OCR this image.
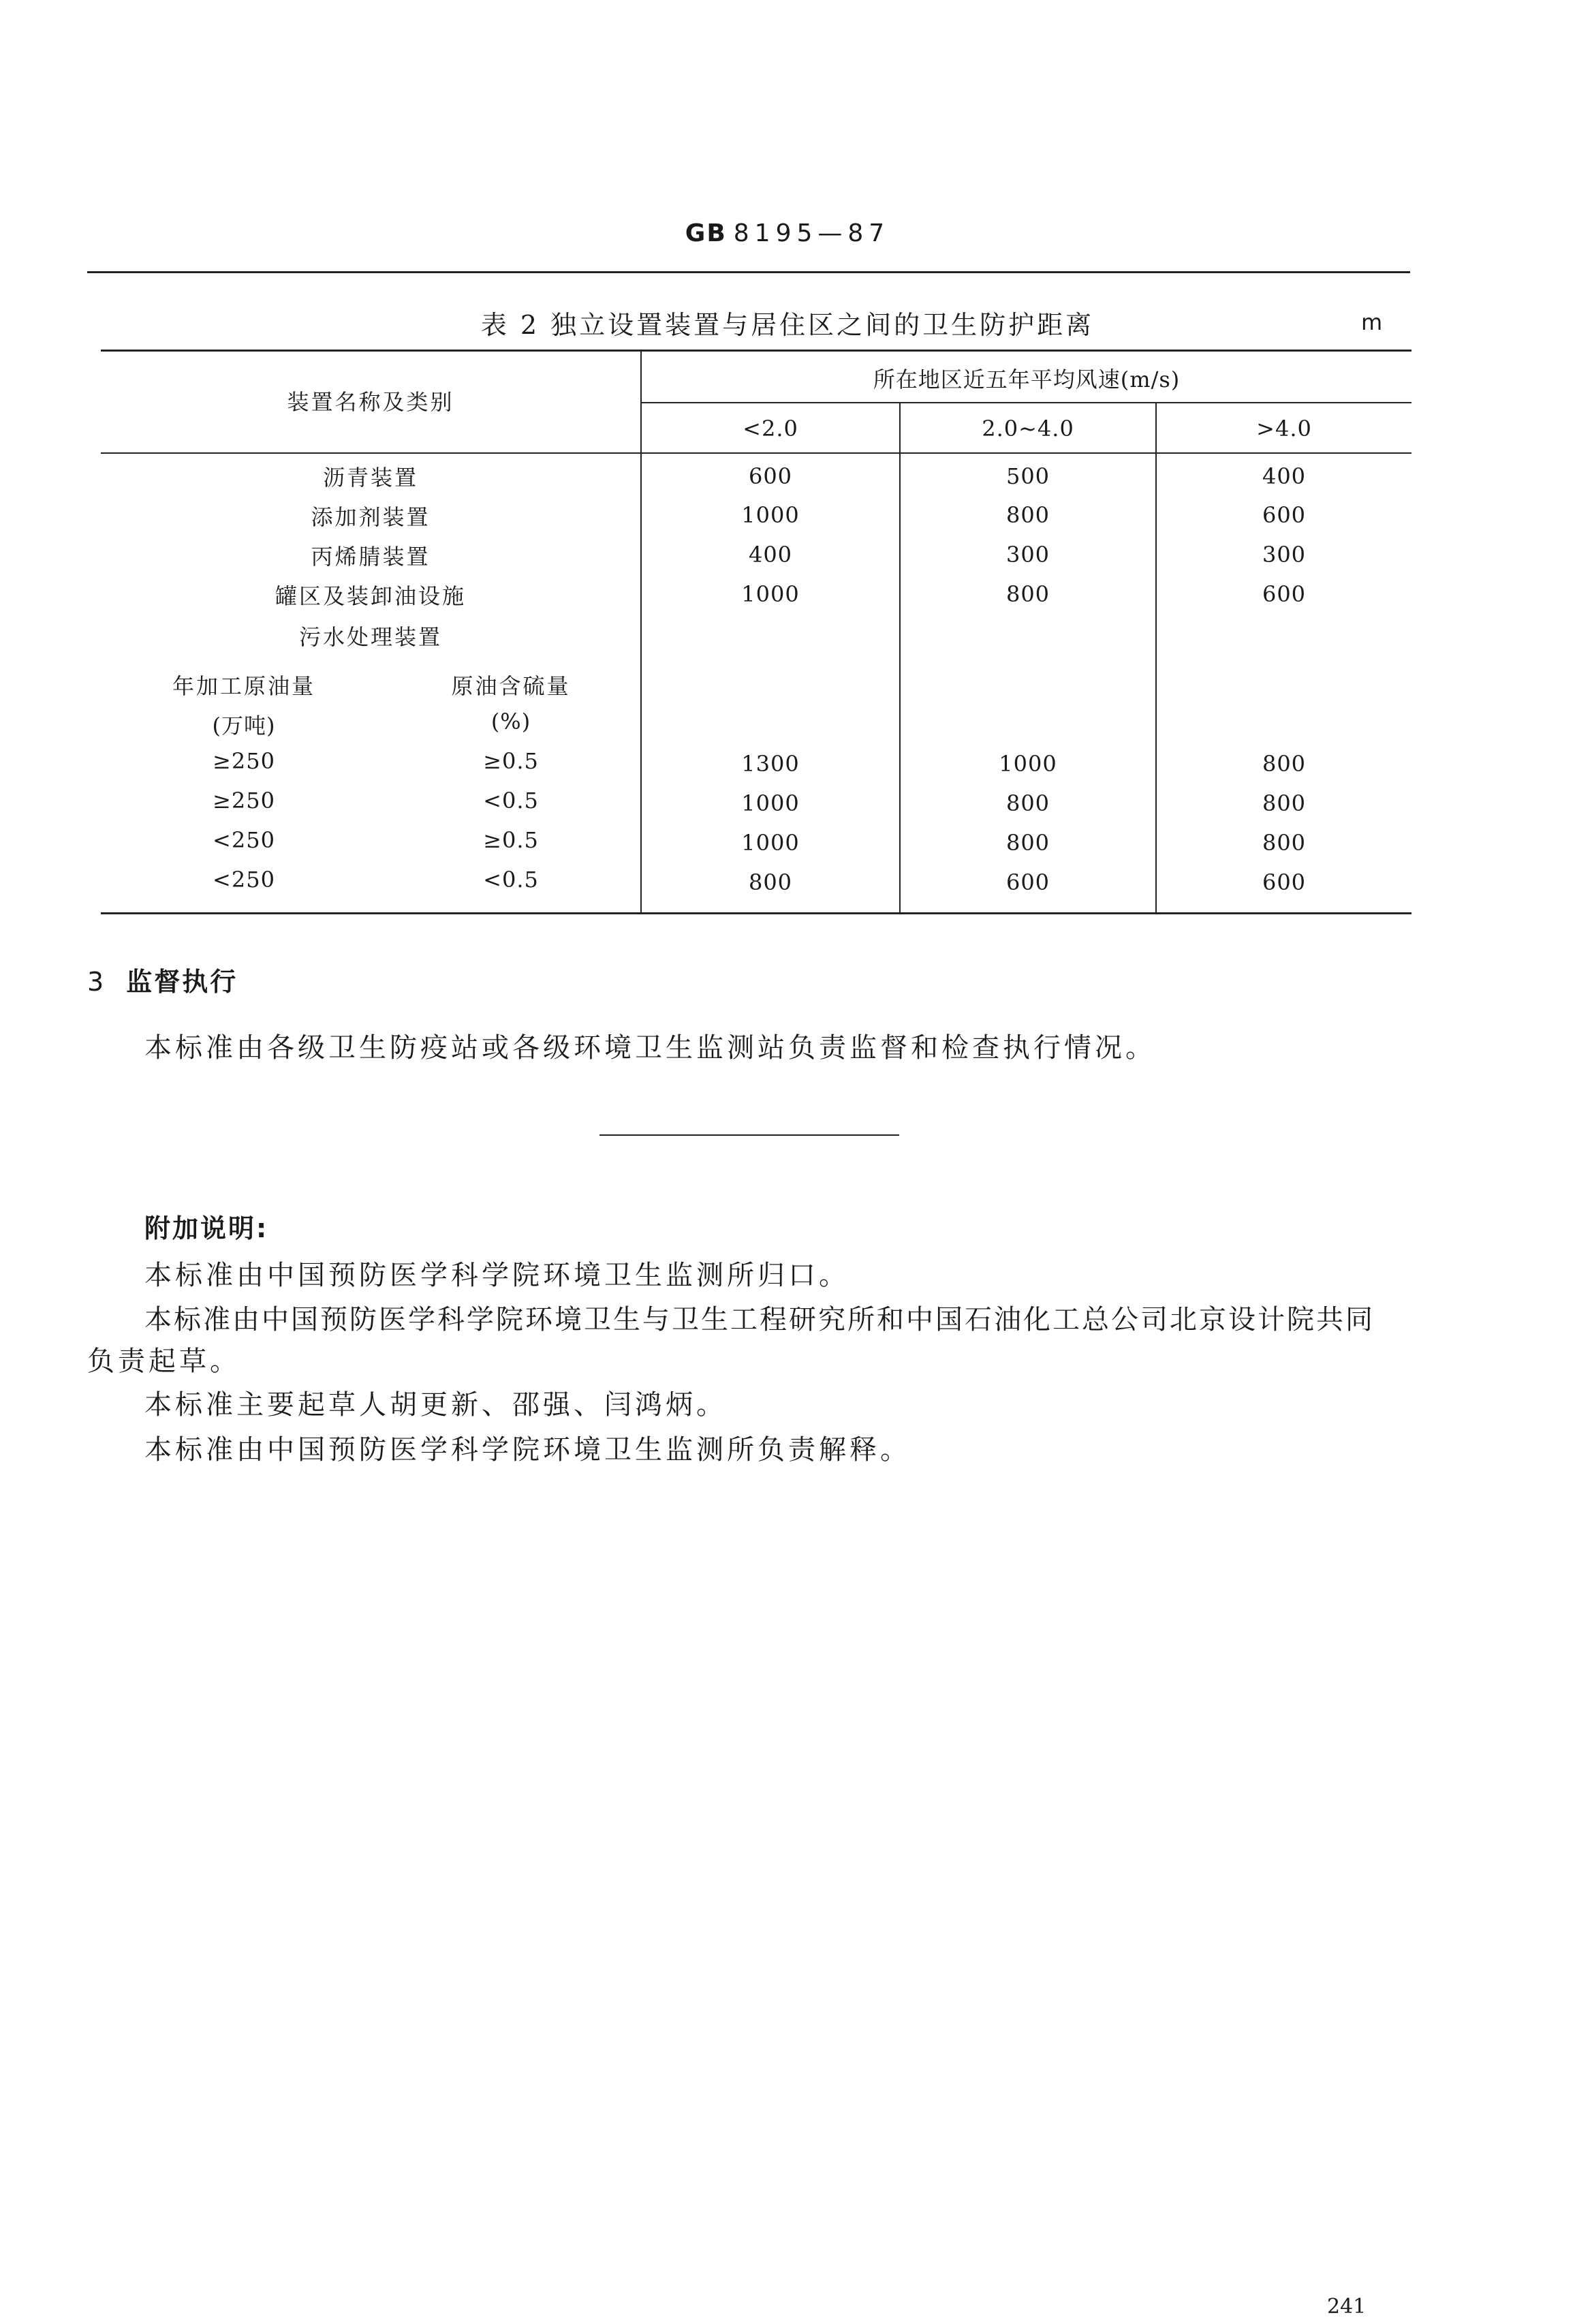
GB 8195—87
表 2 独立设置装置与居住区之间的卫生防护距离	m
装置名称及类别
所在地区近五年平均风速(m/s)
<2.0	2.0~4.0	>4.0
沥青装置	600	500	400
添加剂装置	1000	800	600
丙烯腈装置	400	300	300
罐区及装卸油设施	1000	800	600
污水处理装置
年加工原油量	原油含硫量
(万吨)	(%)
≥250	≥0.5	1300	1000	800
≥250	<0.5	1000	800	800
<250	≥0.5	1000	800	800
<250	<0.5	800	600	600
3 监督执行
本标准由各级卫生防疫站或各级环境卫生监测站负责监督和检查执行情况。
附加说明:
本标准由中国预防医学科学院环境卫生监测所归口。
本标准由中国预防医学科学院环境卫生与卫生工程研究所和中国石油化工总公司北京设计院共同
负责起草。
本标准主要起草人胡更新、邵强、闫鸿炳。
本标准由中国预防医学科学院环境卫生监测所负责解释。
241
